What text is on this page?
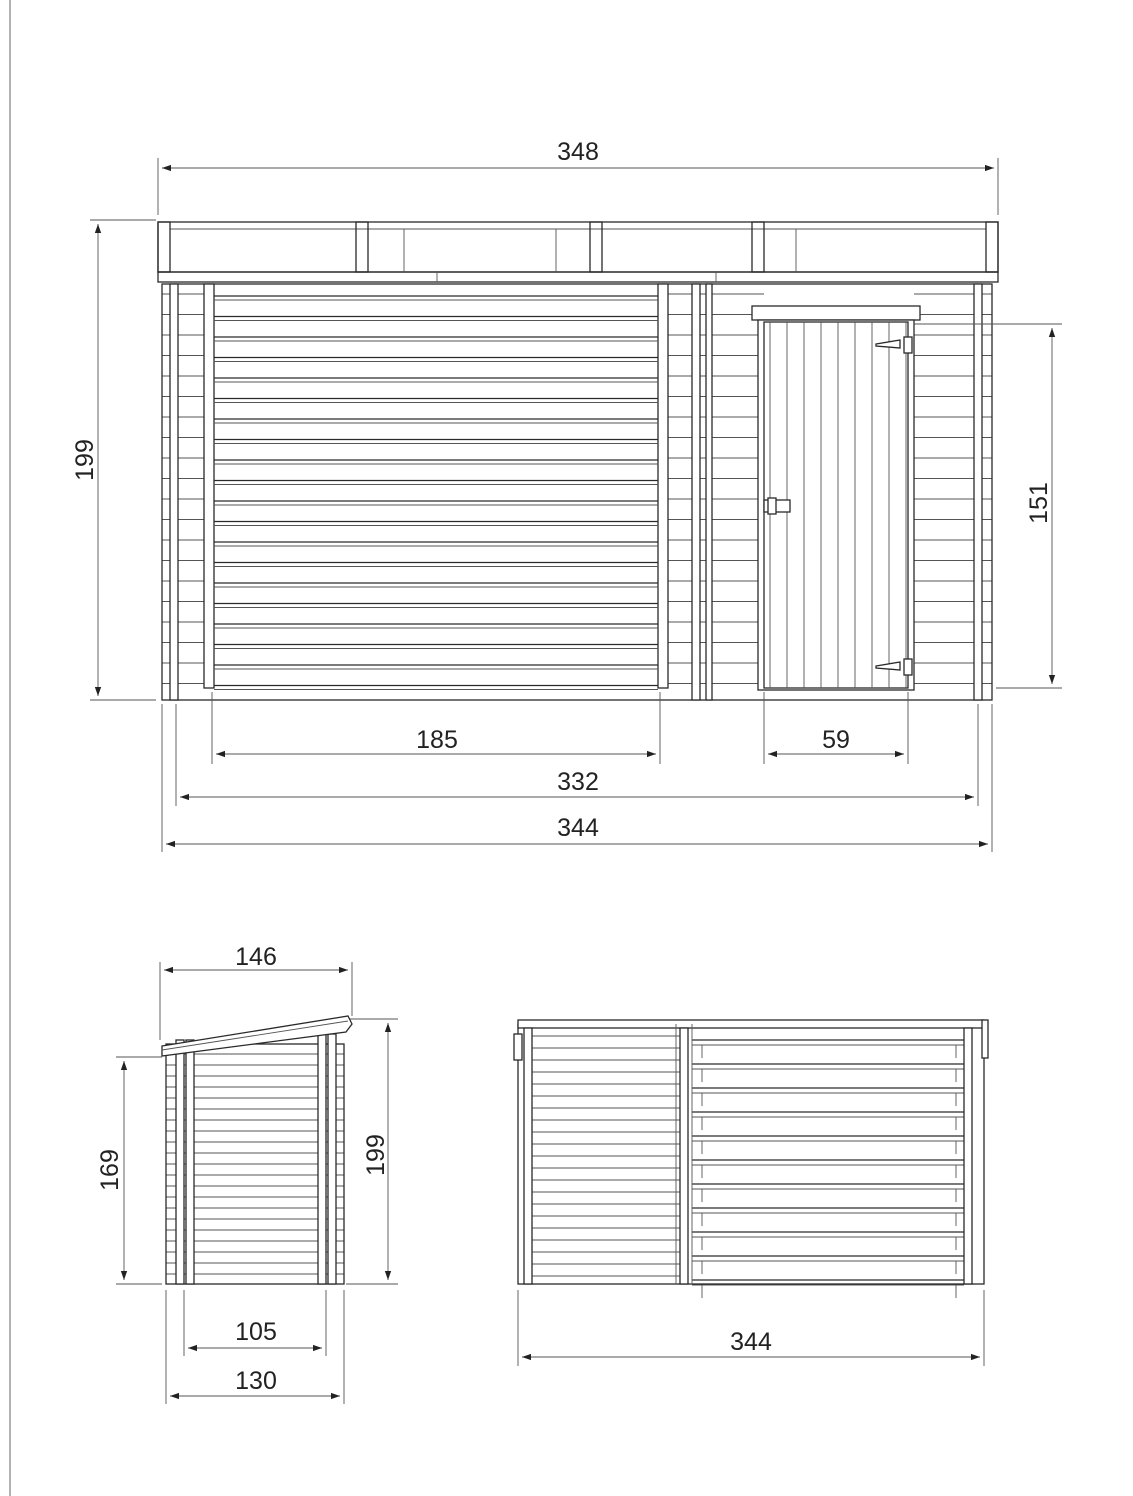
348
199
151
185	59
332
344
146
169	199
105
130
344
